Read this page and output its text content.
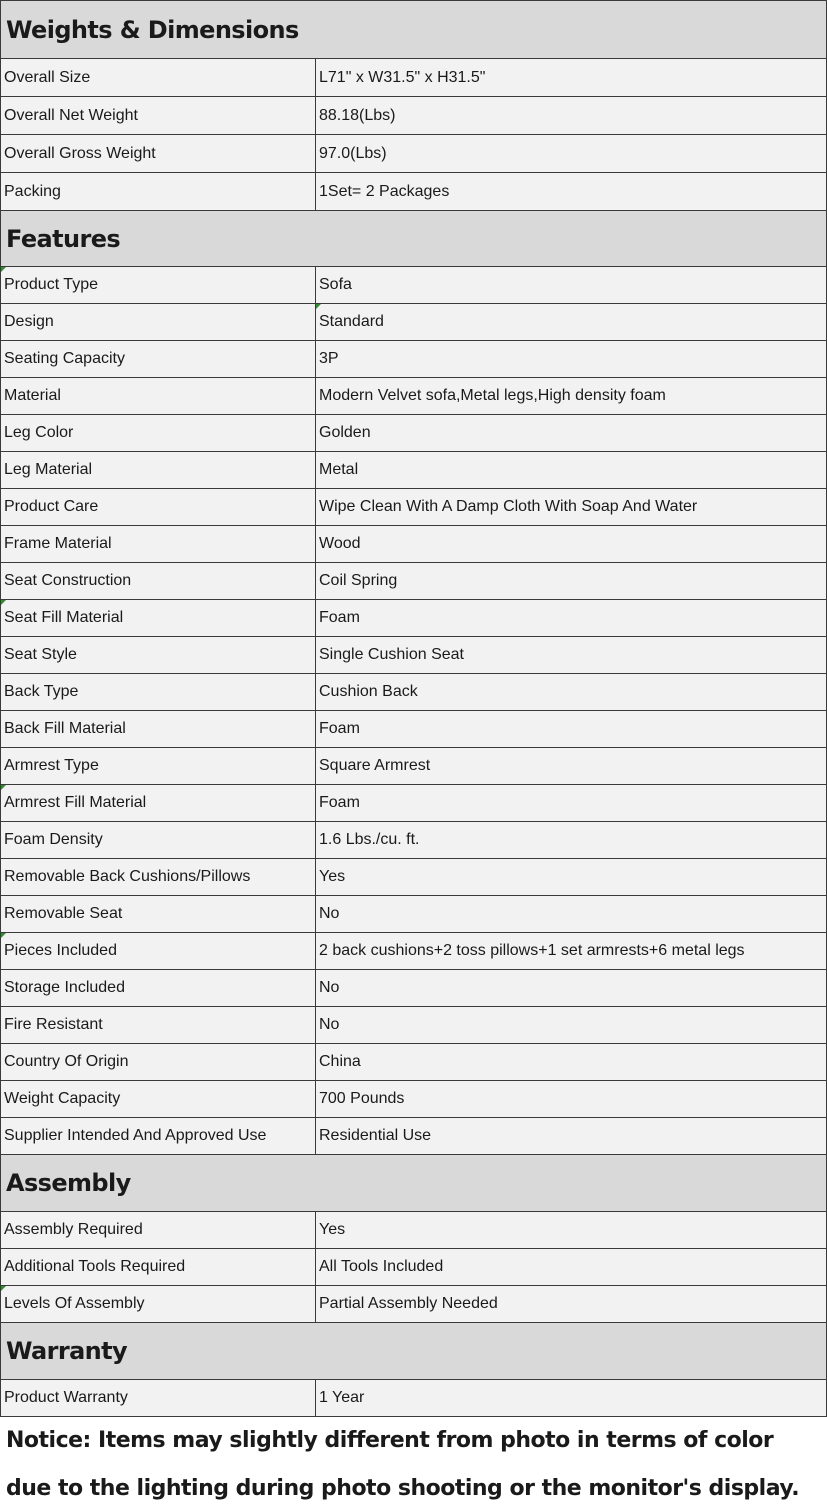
Weights & Dimensions	
Overall Size	L71" x W31.5" x H31.5"
Overall Net Weight	88.18(Lbs)
Overall Gross Weight	97.0(Lbs)
Packing	1Set= 2 Packages
Features	

Product Type	Sofa
Design	Standard
Seating Capacity	3P
Material	Modern Velvet sofa,Metal legs,High density foam
Leg Color	Golden
Leg Material	Metal
Product Care	Wipe Clean With A Damp Cloth With Soap And Water
Frame Material	Wood
Seat Construction	Coil Spring

Seat Fill Material	Foam
Seat Style	Single Cushion Seat
Back Type	Cushion Back
Back Fill Material	Foam
Armrest Type	Square Armrest

Armrest Fill Material	Foam
Foam Density	1.6 Lbs./cu. ft.
Removable Back Cushions/Pillows	Yes
Removable Seat	No

Pieces Included	2 back cushions+2 toss pillows+1 set armrests+6 metal legs
Storage Included	No
Fire Resistant	No
Country Of Origin	China
Weight Capacity	700 Pounds
Supplier Intended And Approved Use	Residential Use
Assembly	
Assembly Required	Yes
Additional Tools Required	All Tools Included

Levels Of Assembly	Partial Assembly Needed
Warranty	
Product Warranty	1 Year
Notice: Items may slightly different from photo in terms of color
due to the lighting during photo shooting or the monitor's display.
